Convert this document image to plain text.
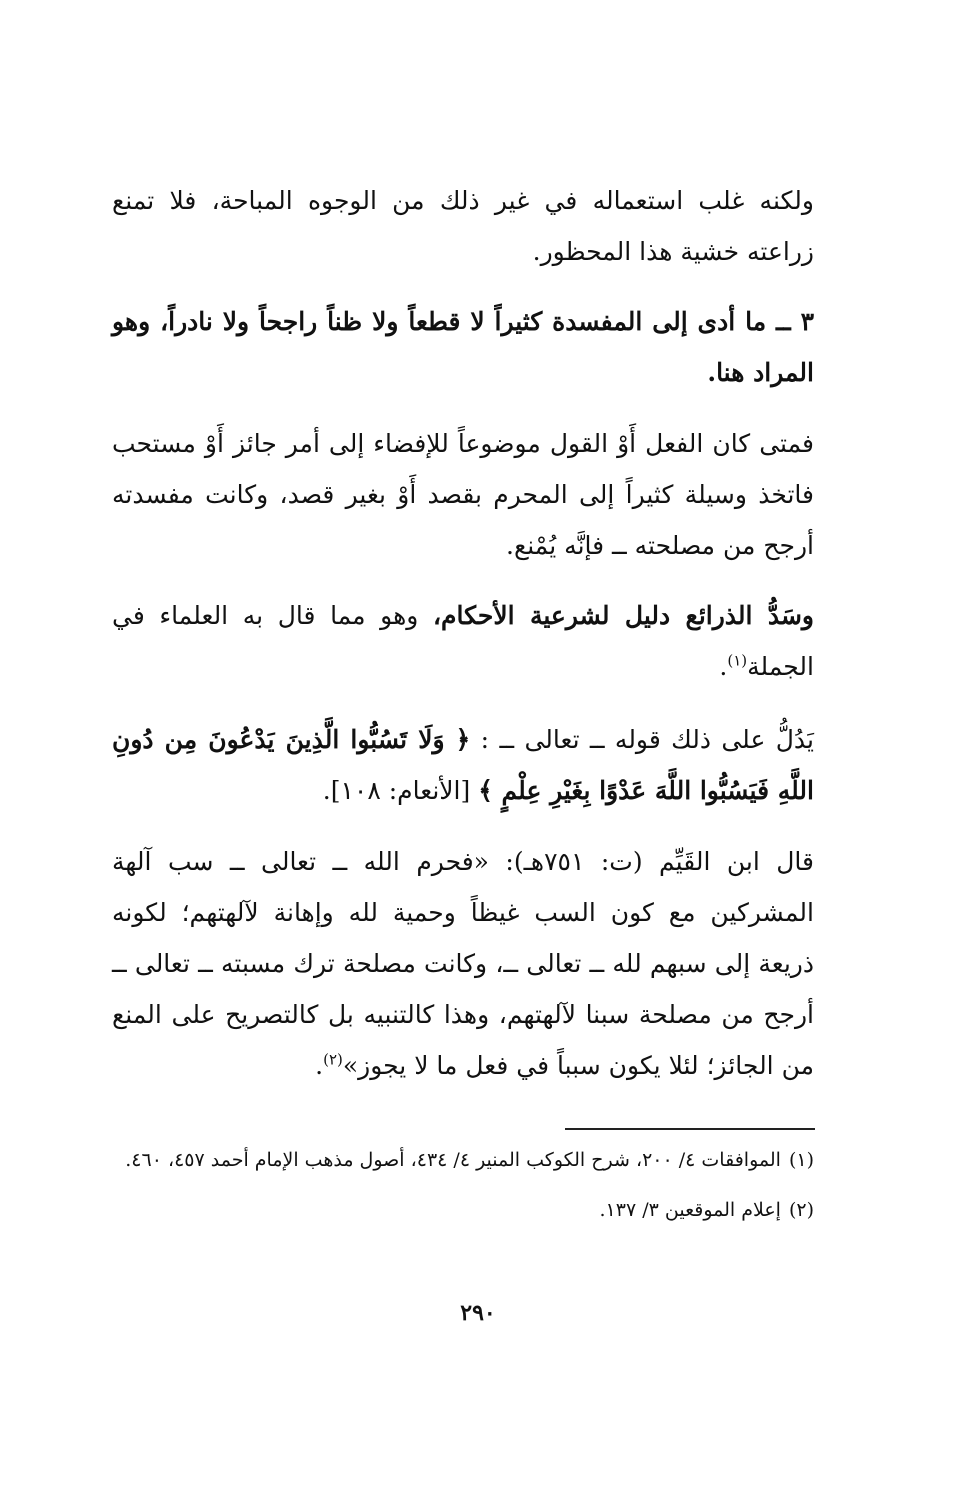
ولكنه غلب استعماله في غير ذلك من الوجوه المباحة، فلا تمنع زراعته خشية هذا المحظور.

٣ ــ ما أدى إلى المفسدة كثيراً لا قطعاً ولا ظناً راجحاً ولا نادراً، وهو المراد هنا.

فمتى كان الفعل أَوْ القول موضوعاً للإفضاء إلى أمر جائز أَوْ مستحب فاتخذ وسيلة كثيراً إلى المحرم بقصد أَوْ بغير قصد، وكانت مفسدته أرجح من مصلحته ــ فإنَّه يُمْنع.

وسَدُّ الذرائع دليل لشرعية الأحكام، وهو مما قال به العلماء في الجملة$^{(١)}$.

يَدُلُّ على ذلك قوله ــ تعالى ــ : ﴿ وَلَا تَسُبُّوا الَّذِينَ يَدْعُونَ مِن دُونِ اللَّهِ فَيَسُبُّوا اللَّهَ عَدْوًا بِغَيْرِ عِلْمٍ ﴾ [الأنعام: ١٠٨].

قال ابن القَيِّم (ت: ٧٥١هـ): «فحرم الله ــ تعالى ــ سب آلهة المشركين مع كون السب غيظاً وحمية لله وإهانة لآلهتهم؛ لكونه ذريعة إلى سبهم لله ــ تعالى ــ، وكانت مصلحة ترك مسبته ــ تعالى ــ أرجح من مصلحة سبنا لآلهتهم، وهذا كالتنبيه بل كالتصريح على المنع من الجائز؛ لئلا يكون سبباً في فعل ما لا يجوز»$^{(٢)}$.

(١)الموافقات ٤/ ٢٠٠، شرح الكوكب المنير ٤/ ٤٣٤، أصول مذهب الإمام أحمد ٤٥٧، ٤٦٠.
(٢)إعلام الموقعين ٣/ ١٣٧.
٢٩٠
